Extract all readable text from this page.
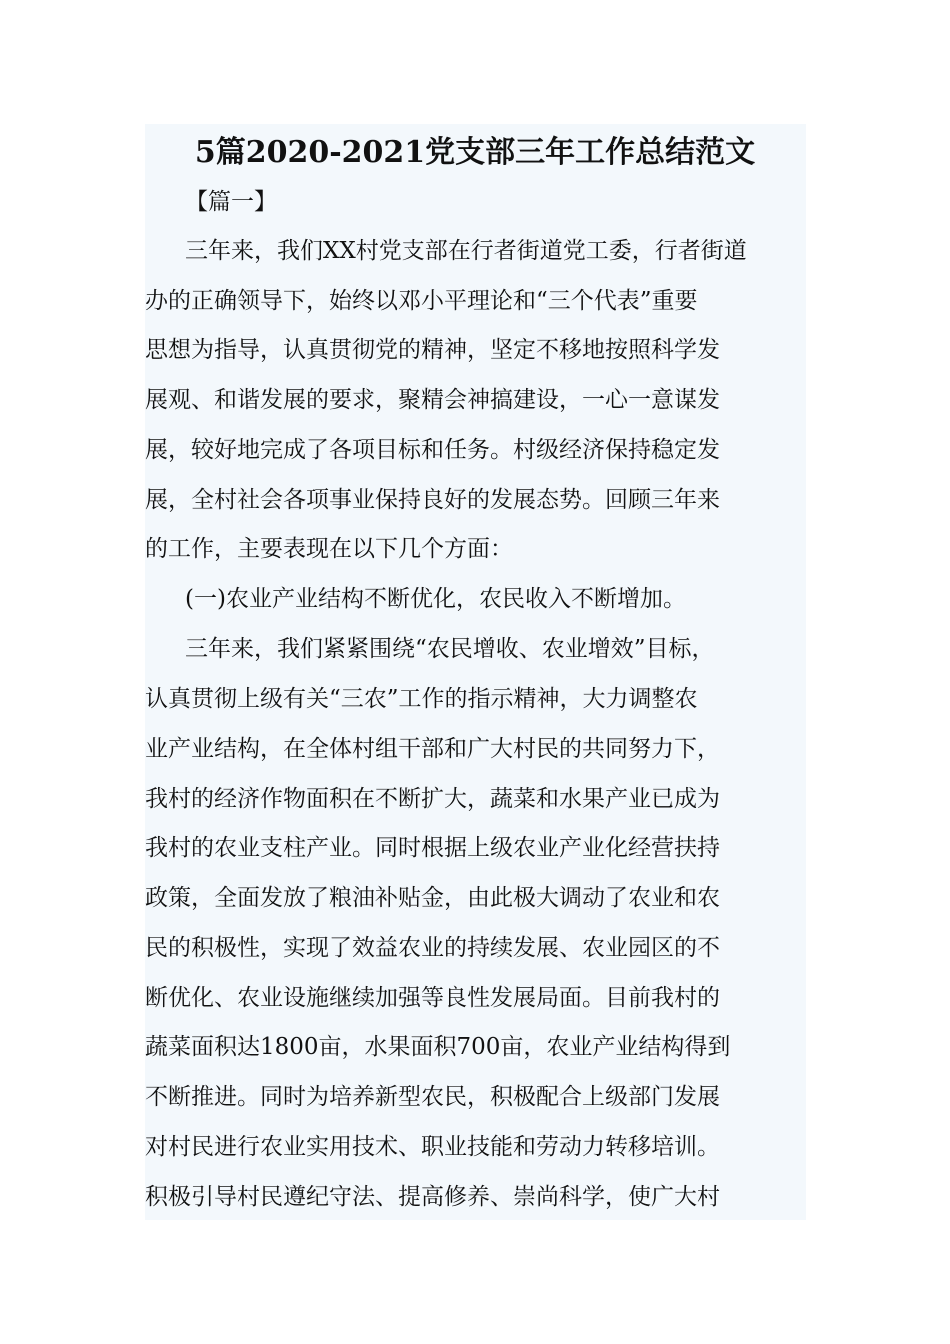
5篇2020-2021党支部三年工作总结范文
【篇一】
三年来，我们XX村党支部在行者街道党工委，行者街道
办的正确领导下，始终以邓小平理论和“三个代表”重要
思想为指导，认真贯彻党的精神，坚定不移地按照科学发
展观、和谐发展的要求，聚精会神搞建设，一心一意谋发
展，较好地完成了各项目标和任务。村级经济保持稳定发
展，全村社会各项事业保持良好的发展态势。回顾三年来
的工作，主要表现在以下几个方面：
(一)农业产业结构不断优化，农民收入不断增加。
三年来，我们紧紧围绕“农民增收、农业增效”目标，
认真贯彻上级有关“三农”工作的指示精神，大力调整农
业产业结构，在全体村组干部和广大村民的共同努力下，
我村的经济作物面积在不断扩大，蔬菜和水果产业已成为
我村的农业支柱产业。同时根据上级农业产业化经营扶持
政策，全面发放了粮油补贴金，由此极大调动了农业和农
民的积极性，实现了效益农业的持续发展、农业园区的不
断优化、农业设施继续加强等良性发展局面。目前我村的
蔬菜面积达1800亩，水果面积700亩，农业产业结构得到
不断推进。同时为培养新型农民，积极配合上级部门发展
对村民进行农业实用技术、职业技能和劳动力转移培训。
积极引导村民遵纪守法、提高修养、崇尚科学，使广大村
